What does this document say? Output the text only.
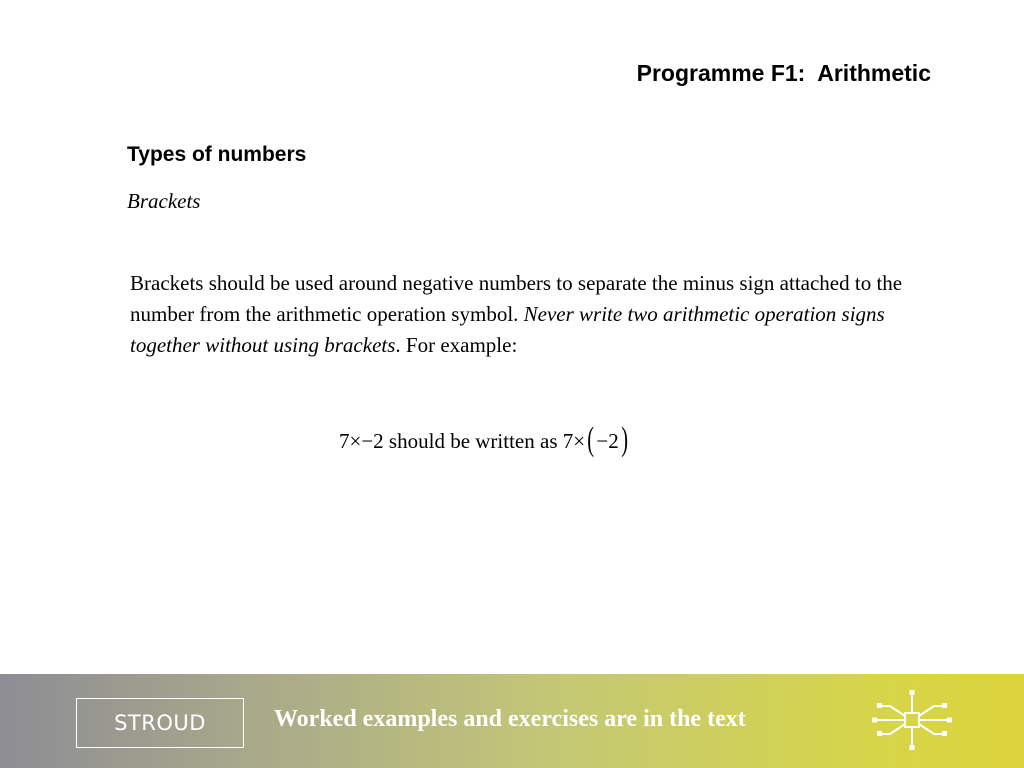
Programme F1:  Arithmetic
Types of numbers
Brackets
Brackets should be used around negative numbers to separate the minus sign attached to the number from the arithmetic operation symbol. Never write two arithmetic operation signs together without using brackets. For example:
7×−2 should be written as 7× ( −2 )
STROUD	Worked examples and exercises are in the text
